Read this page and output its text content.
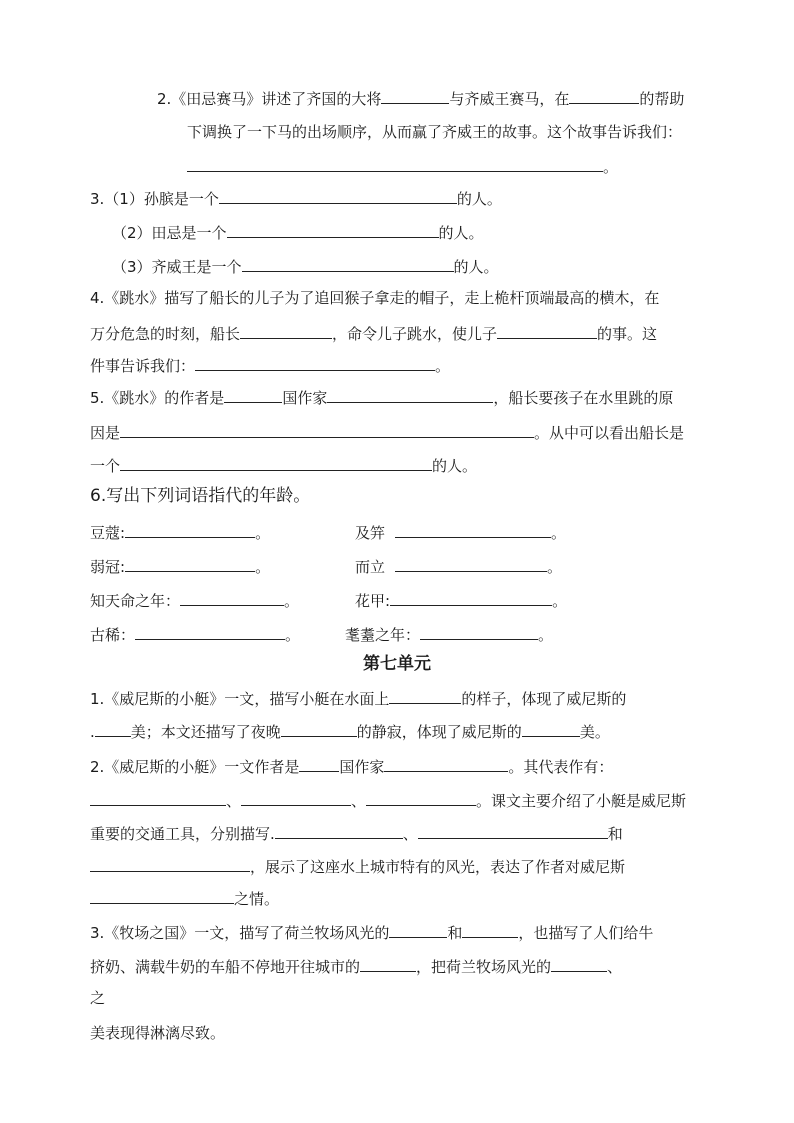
2.《田忌赛马》讲述了齐国的大将	与齐威王赛马，在	的帮助
下调换了一下马的出场顺序，从而赢了齐威王的故事。这个故事告诉我们：
。
3.（1）孙膑是一个	的人。
（2）田忌是一个	的人。
（3）齐威王是一个	的人。
4.《跳水》描写了船长的儿子为了追回猴子拿走的帽子，走上桅杆顶端最高的横木，在
万分危急的时刻，船长	，命令儿子跳水，使儿子	的事。这
件事告诉我们：	。
5.《跳水》的作者是	国作家	，船长要孩子在水里跳的原
因是	。从中可以看出船长是
一个	的人。
6.写出下列词语指代的年龄。
豆蔻:	。	及笄	。
弱冠:	。	而立	。
知天命之年：	。	花甲:	。
古稀：	。	耄耋之年：	。
第七单元
1.《威尼斯的小艇》一文，描写小艇在水面上	的样子，体现了威尼斯的
. 美；本文还描写了夜晚	的静寂，体现了威尼斯的	美。
2.《威尼斯的小艇》一文作者是	国作家	。其代表作有：
、	、	。课文主要介绍了小艇是威尼斯
重要的交通工具，分别描写.	、	和
，展示了这座水上城市特有的风光，表达了作者对威尼斯
之情。
3.《牧场之国》一文，描写了荷兰牧场风光的	和	，也描写了人们给牛
挤奶、满载牛奶的车船不停地开往城市的	，把荷兰牧场风光的	、
之
美表现得淋漓尽致。
